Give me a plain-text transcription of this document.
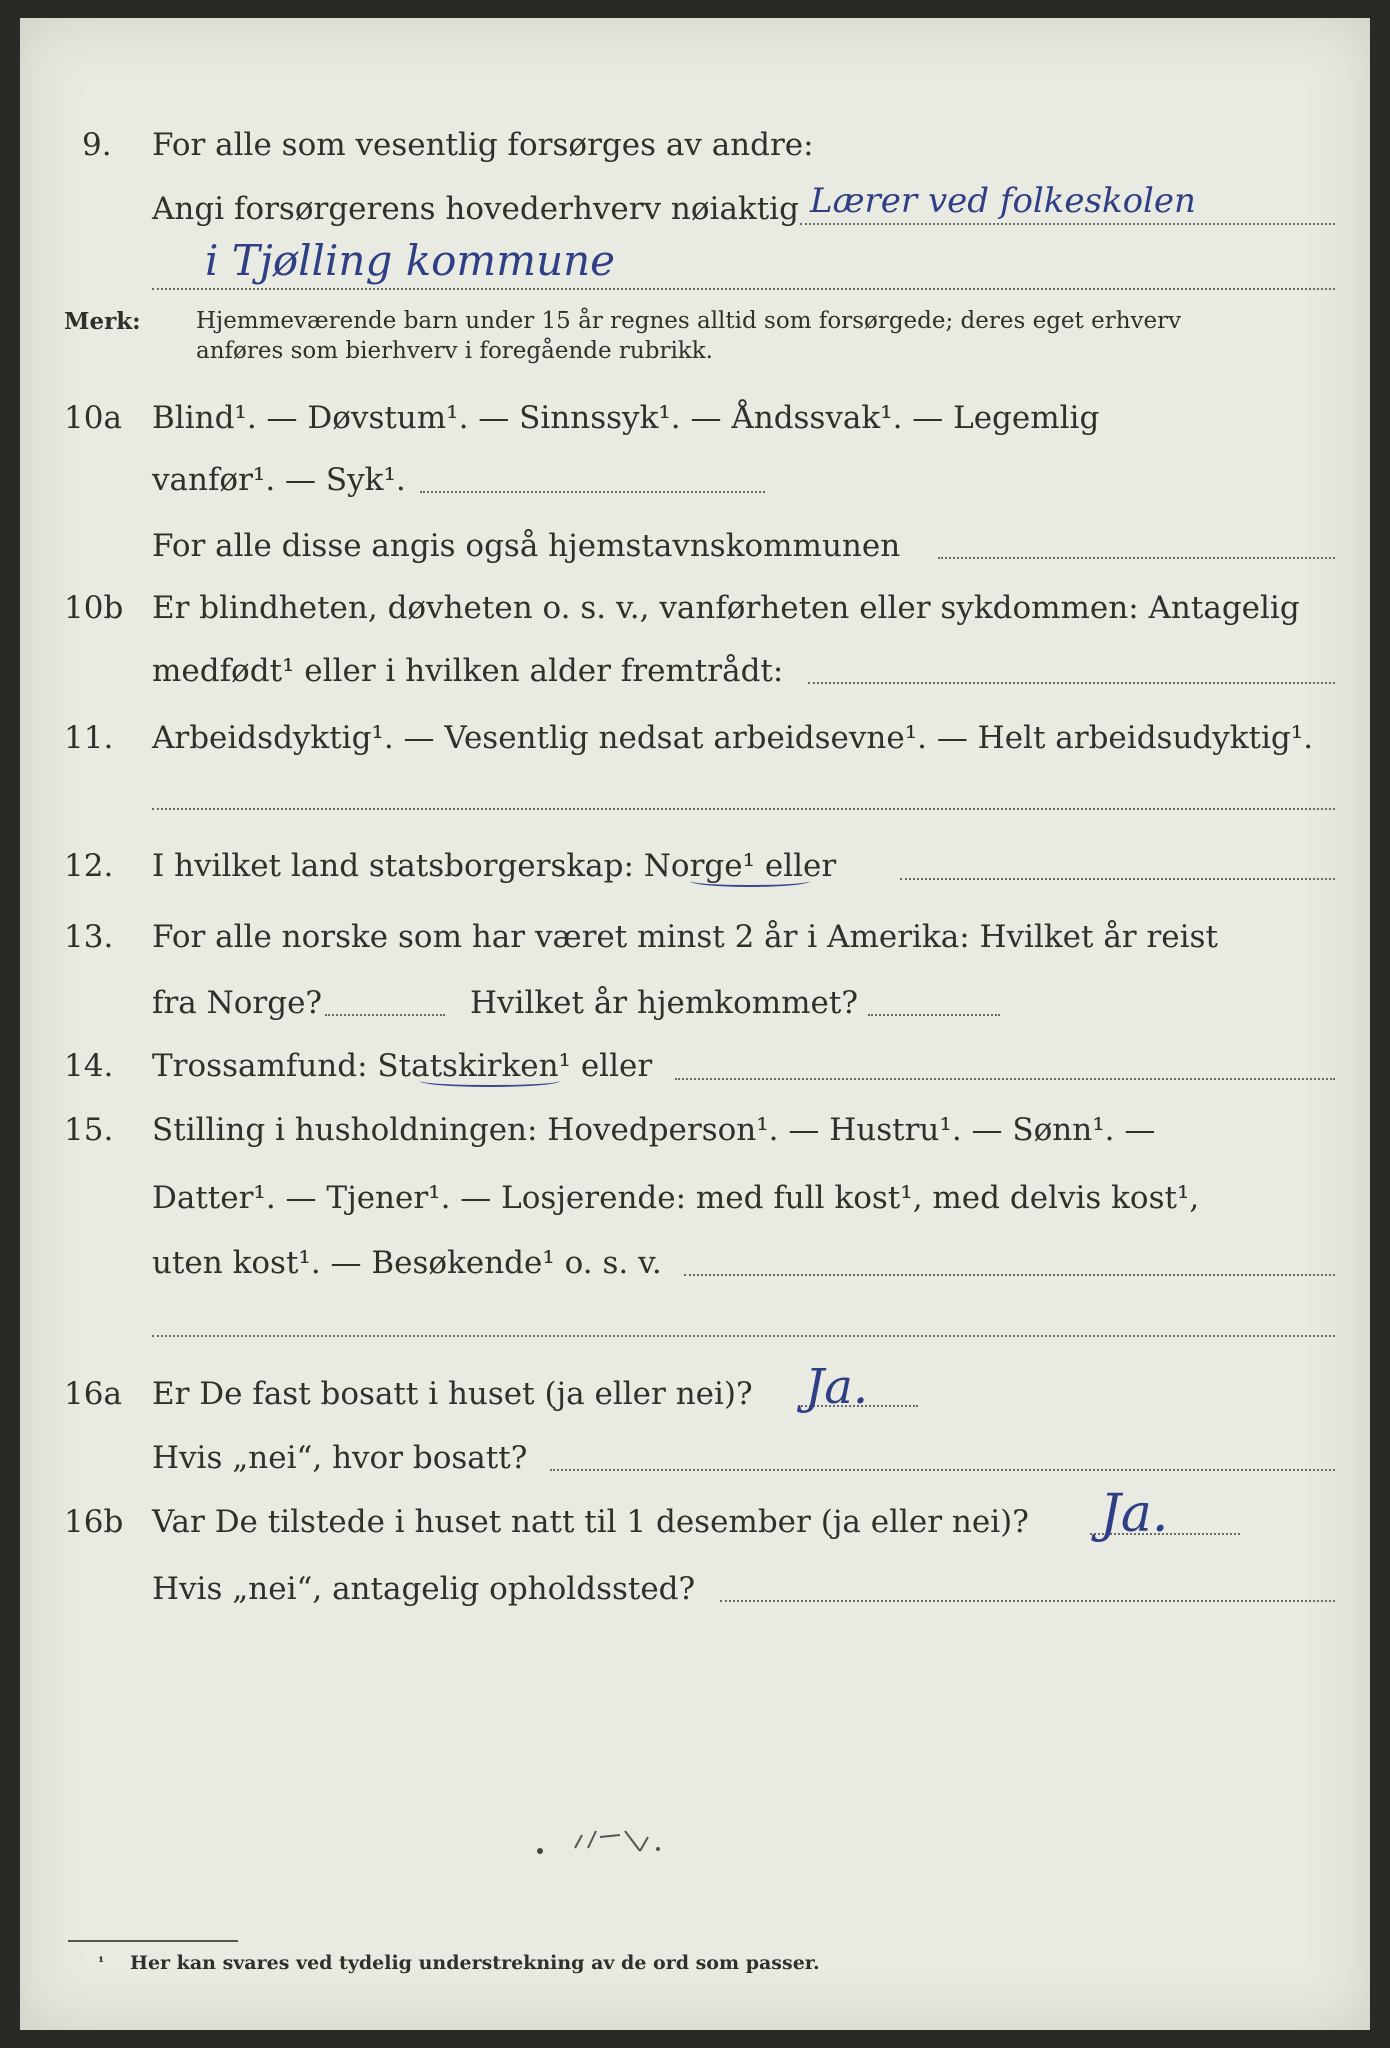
9. For alle som vesentlig forsørges av andre:
Angi forsørgerens hovederhverv nøiaktig Lærer ved folkeskolen
i Tjølling kommune
Merk: Hjemmeværende barn under 15 år regnes alltid som forsørgede; deres eget erhverv
anføres som bierhverv i foregående rubrikk.
10a Blind¹. — Døvstum¹. — Sinnssyk¹. — Åndssvak¹. — Legemlig
vanfør¹. — Syk¹.
For alle disse angis også hjemstavnskommunen
10b Er blindheten, døvheten o. s. v., vanførheten eller sykdommen: Antagelig
medfødt¹ eller i hvilken alder fremtrådt:
11. Arbeidsdyktig¹. — Vesentlig nedsat arbeidsevne¹. — Helt arbeidsudyktig¹.
12. I hvilket land statsborgerskap: Norge¹ eller
13. For alle norske som har været minst 2 år i Amerika: Hvilket år reist
fra Norge?	Hvilket år hjemkommet?
14. Trossamfund: Statskirken¹ eller
15. Stilling i husholdningen: Hovedperson¹. — Hustru¹. — Sønn¹. —
Datter¹. — Tjener¹. — Losjerende: med full kost¹, med delvis kost¹,
uten kost¹. — Besøkende¹ o. s. v.
16a Er De fast bosatt i huset (ja eller nei)? Ja.
Hvis „nei“, hvor bosatt?
16b Var De tilstede i huset natt til 1 desember (ja eller nei)? Ja.
Hvis „nei“, antagelig opholdssted?
¹ Her kan svares ved tydelig understrekning av de ord som passer.
